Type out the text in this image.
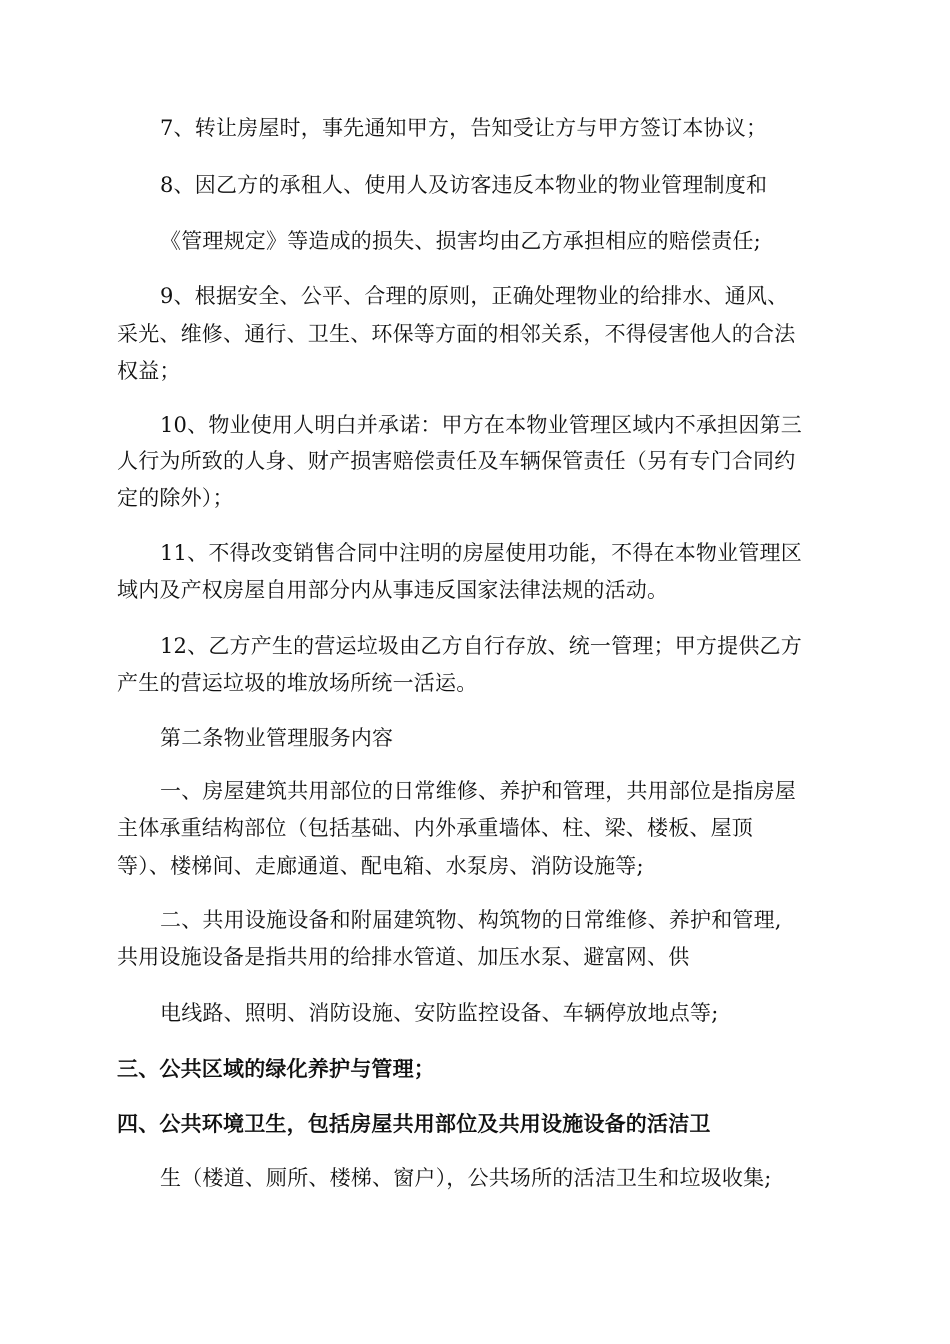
7、转让房屋时，事先通知甲方，告知受让方与甲方签订本协议；
8、因乙方的承租人、使用人及访客违反本物业的物业管理制度和
《管理规定》等造成的损失、损害均由乙方承担相应的赔偿责任;
9、根据安全、公平、合理的原则，正确处理物业的给排水、通风、
采光、维修、通行、卫生、环保等方面的相邻关系，不得侵害他人的合法
权益；
10、物业使用人明白并承诺：甲方在本物业管理区域内不承担因第三
人行为所致的人身、财产损害赔偿责任及车辆保管责任（另有专门合同约
定的除外）；
11、不得改变销售合同中注明的房屋使用功能，不得在本物业管理区
域内及产权房屋自用部分内从事违反国家法律法规的活动。
12、乙方产生的营运垃圾由乙方自行存放、统一管理；甲方提供乙方
产生的营运垃圾的堆放场所统一活运。
第二条物业管理服务内容
一、房屋建筑共用部位的日常维修、养护和管理，共用部位是指房屋
主体承重结构部位（包括基础、内外承重墙体、柱、梁、楼板、屋顶
等）、楼梯间、走廊通道、配电箱、水泵房、消防设施等;
二、共用设施设备和附届建筑物、构筑物的日常维修、养护和管理,
共用设施设备是指共用的给排水管道、加压水泵、避富网、供
电线路、照明、消防设施、安防监控设备、车辆停放地点等;
三、公共区域的绿化养护与管理；
四、公共环境卫生，包括房屋共用部位及共用设施设备的活洁卫
生（楼道、厕所、楼梯、窗户），公共场所的活洁卫生和垃圾收集;
